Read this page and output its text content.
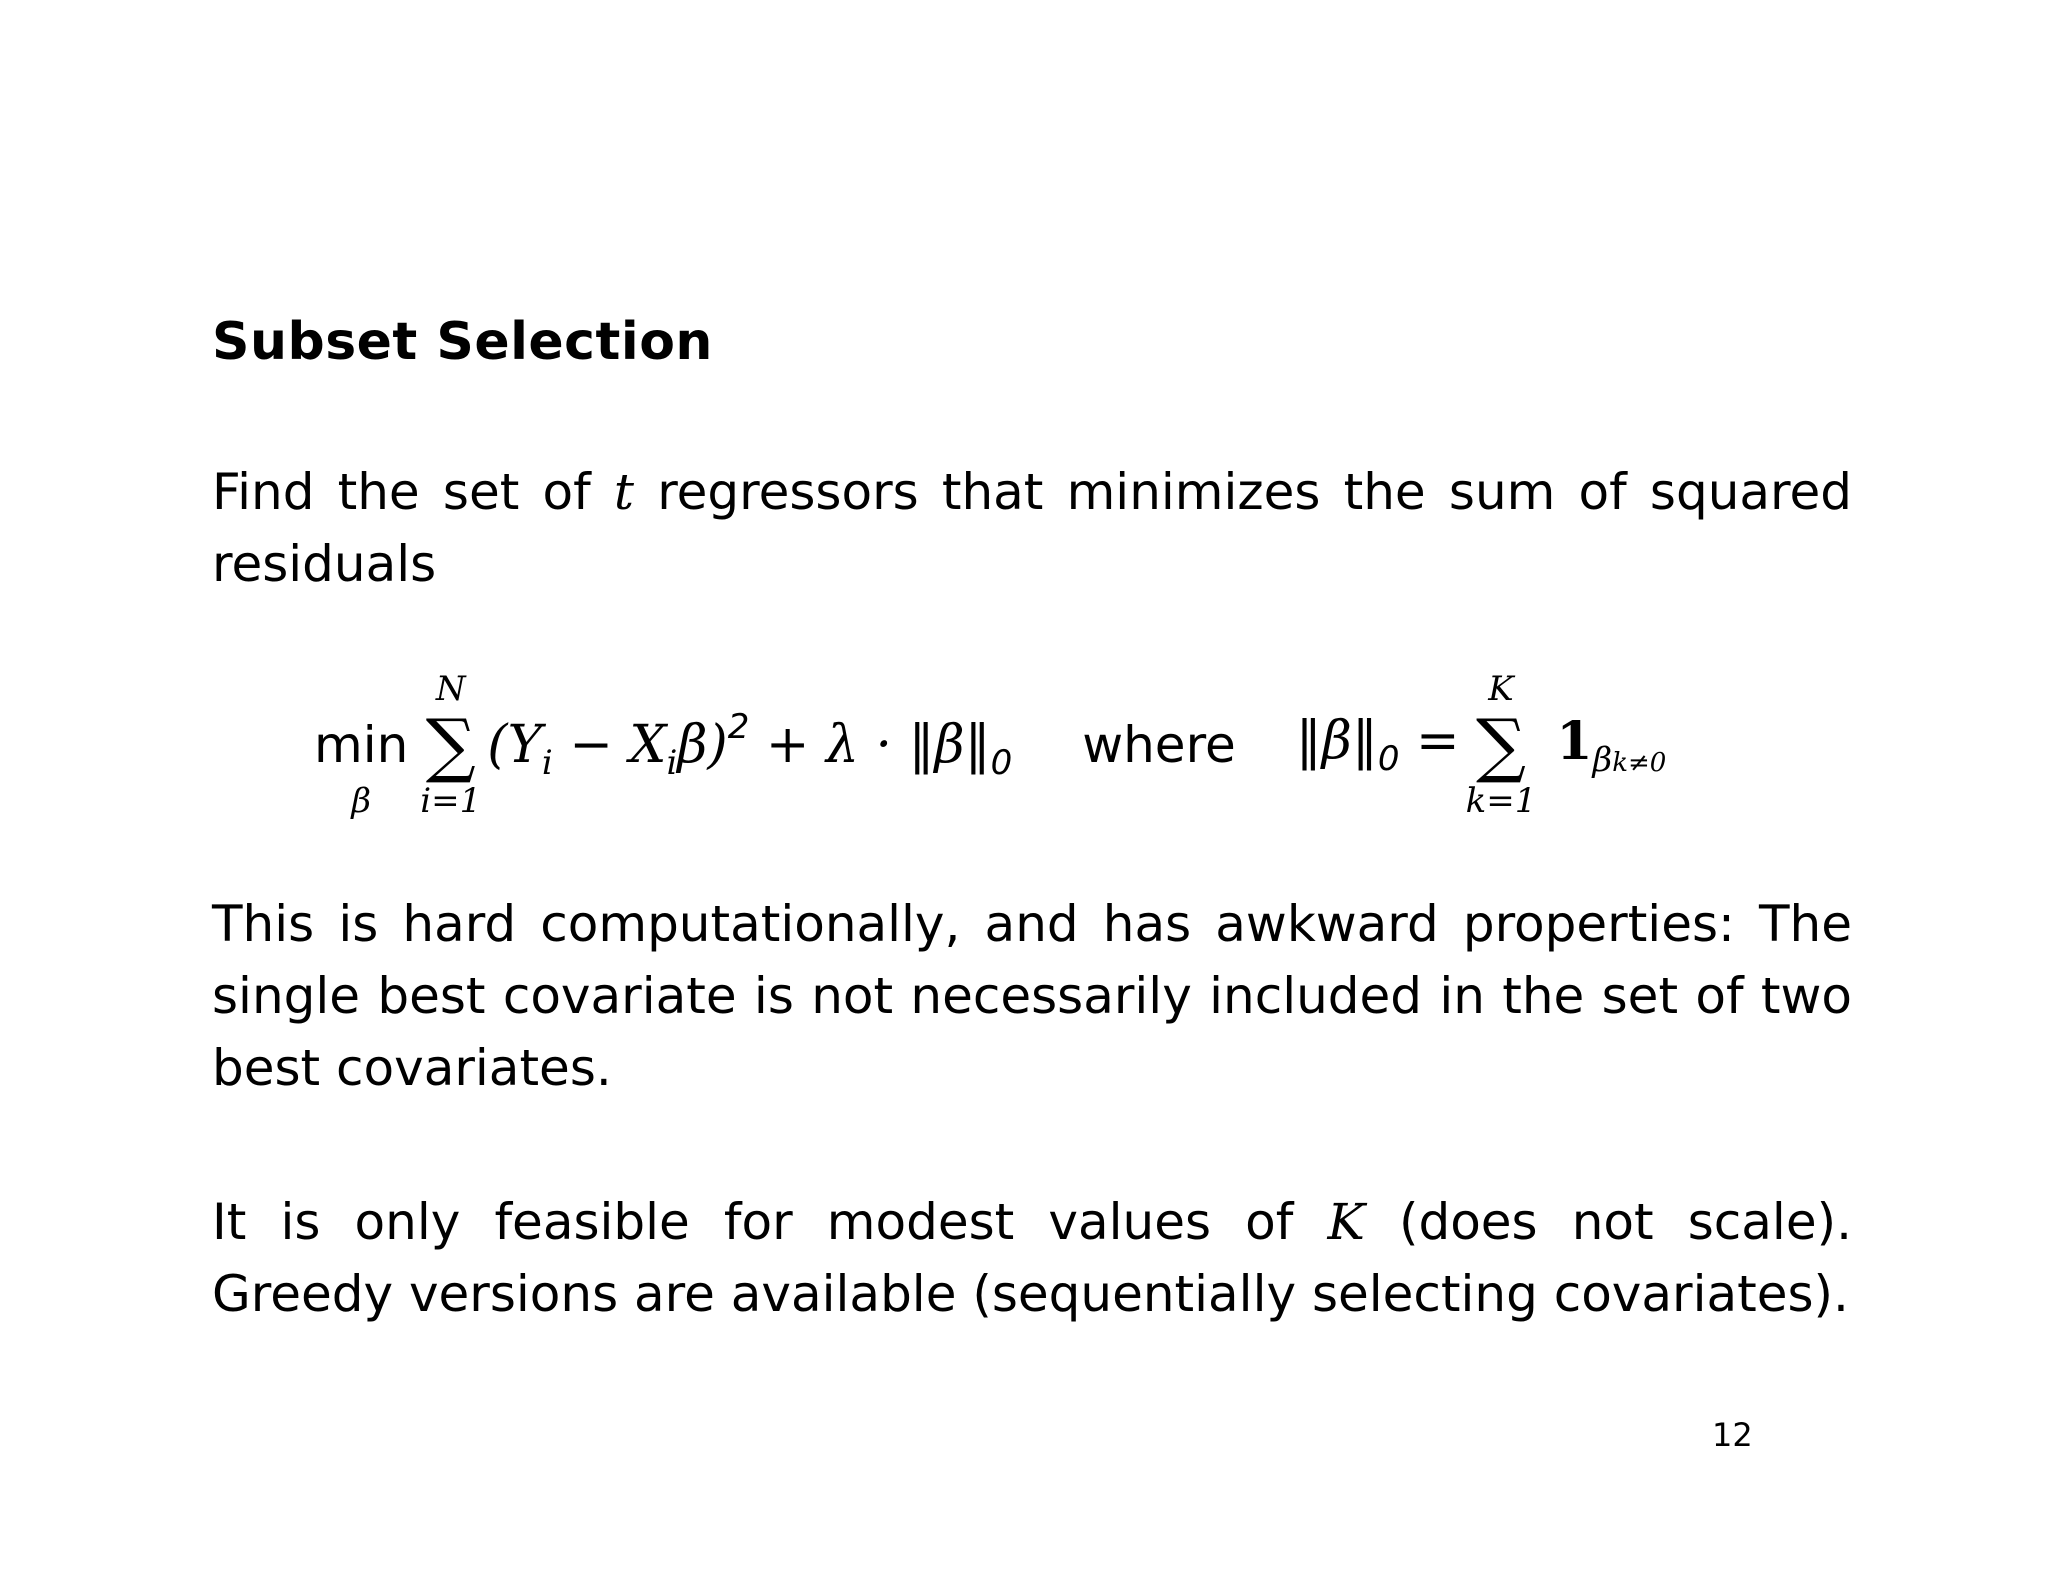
Subset Selection
Find the set of t regressors that minimizes the sum of squared residuals
min
β
N
∑
i=1
$(Y_i - X_i\beta)^2 + \lambda$ · $‖\beta‖_0$ where $‖\beta‖_0$ =
K
∑
k=1
$1_{\beta k\ne 0}$
This is hard computationally, and has awkward properties: The single best covariate is not necessarily included in the set of two best covariates.
It is only feasible for modest values of K (does not scale).
Greedy versions are available (sequentially selecting covariates).
12
